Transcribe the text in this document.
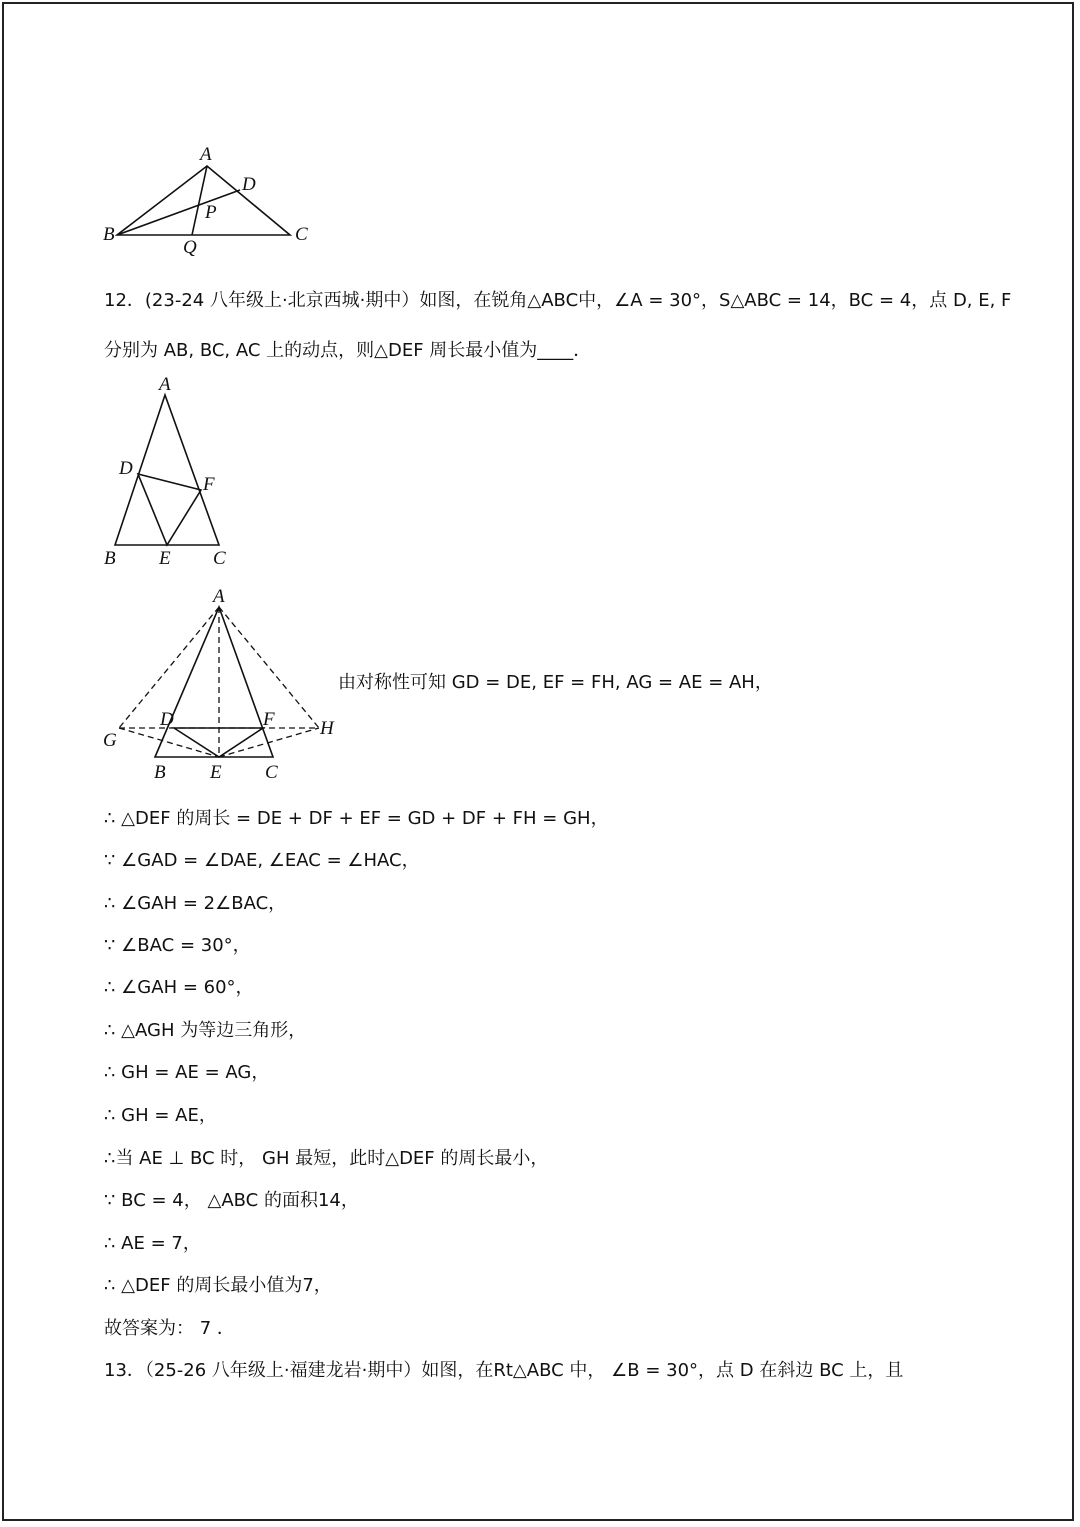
A
D
P
B
Q
C
12．(23-24 八年级上·北京西城·期中）如图，在锐角△ABC中，∠A = 30°，S△ABC = 14，BC = 4，点 D, E, F
分别为 AB, BC, AC 上的动点，则△DEF 周长最小值为____．
A
D
F
B E C
A
D	F
G
H
B E C
由对称性可知 GD = DE, EF = FH, AG = AE = AH，
∴ △DEF 的周长 = DE + DF + EF = GD + DF + FH = GH，
∵ ∠GAD = ∠DAE, ∠EAC = ∠HAC，
∴ ∠GAH = 2∠BAC，
∵ ∠BAC = 30°，
∴ ∠GAH = 60°，
∴ △AGH 为等边三角形，
∴ GH = AE = AG，
∴ GH = AE，
∴当 AE ⊥ BC 时， GH 最短，此时△DEF 的周长最小，
∵ BC = 4， △ABC 的面积14，
∴ AE = 7，
∴ △DEF 的周长最小值为7，
故答案为： 7 ．
13．（25-26 八年级上·福建龙岩·期中）如图，在Rt△ABC 中， ∠B = 30°，点 D 在斜边 BC 上，且
